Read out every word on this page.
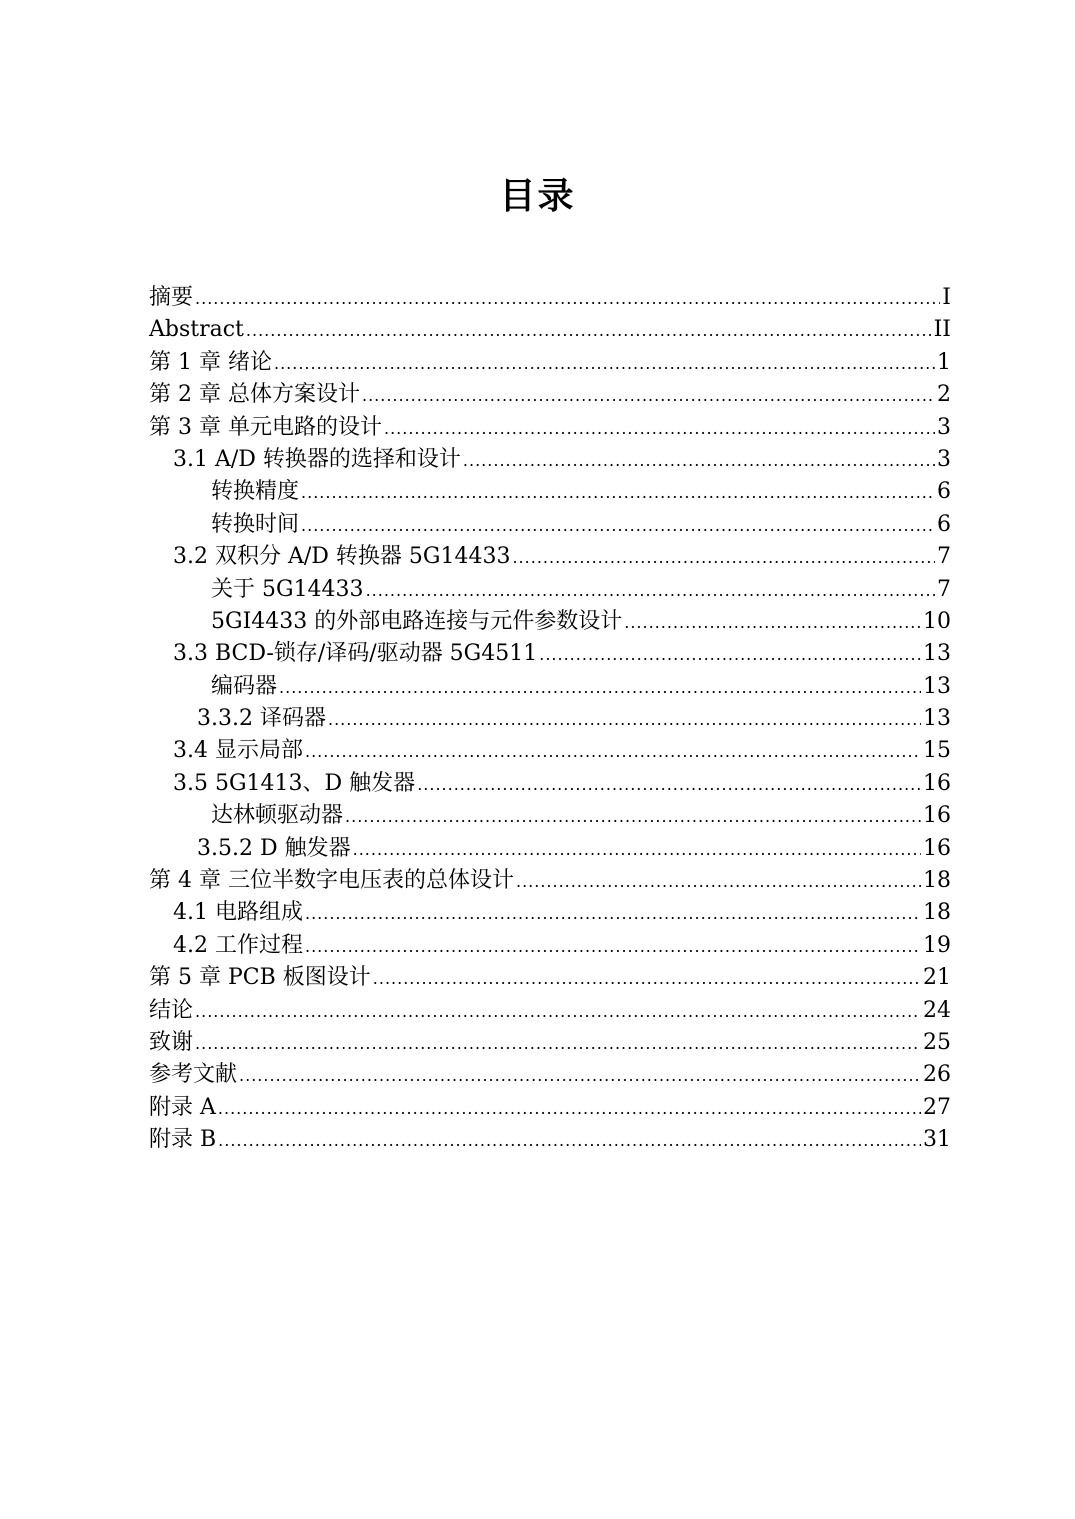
目录
摘要 .....	I
Abstract .....	II
第 1 章 绪论 .....	1
第 2 章 总体方案设计 .....	2
第 3 章 单元电路的设计 .....	3
3.1 A/D 转换器的选择和设计 .....	3
转换精度 .....	6
转换时间 .....	6
3.2 双积分 A/D 转换器 5G14433 .....	7
关于 5G14433 .....	7
5GI4433 的外部电路连接与元件参数设计 .....	10
3.3 BCD-锁存/译码/驱动器 5G4511 .....	13
编码器 .....	13
3.3.2 译码器 .....	13
3.4 显示局部 .....	15
3.5 5G1413、D 触发器 .....	16
达林顿驱动器 .....	16
3.5.2 D 触发器 .....	16
第 4 章 三位半数字电压表的总体设计 .....	18
4.1 电路组成 .....	18
4.2 工作过程 .....	19
第 5 章 PCB 板图设计 .....	21
结论 .....	24
致谢 .....	25
参考文献 .....	26
附录 A .....	27
附录 B .....	31
